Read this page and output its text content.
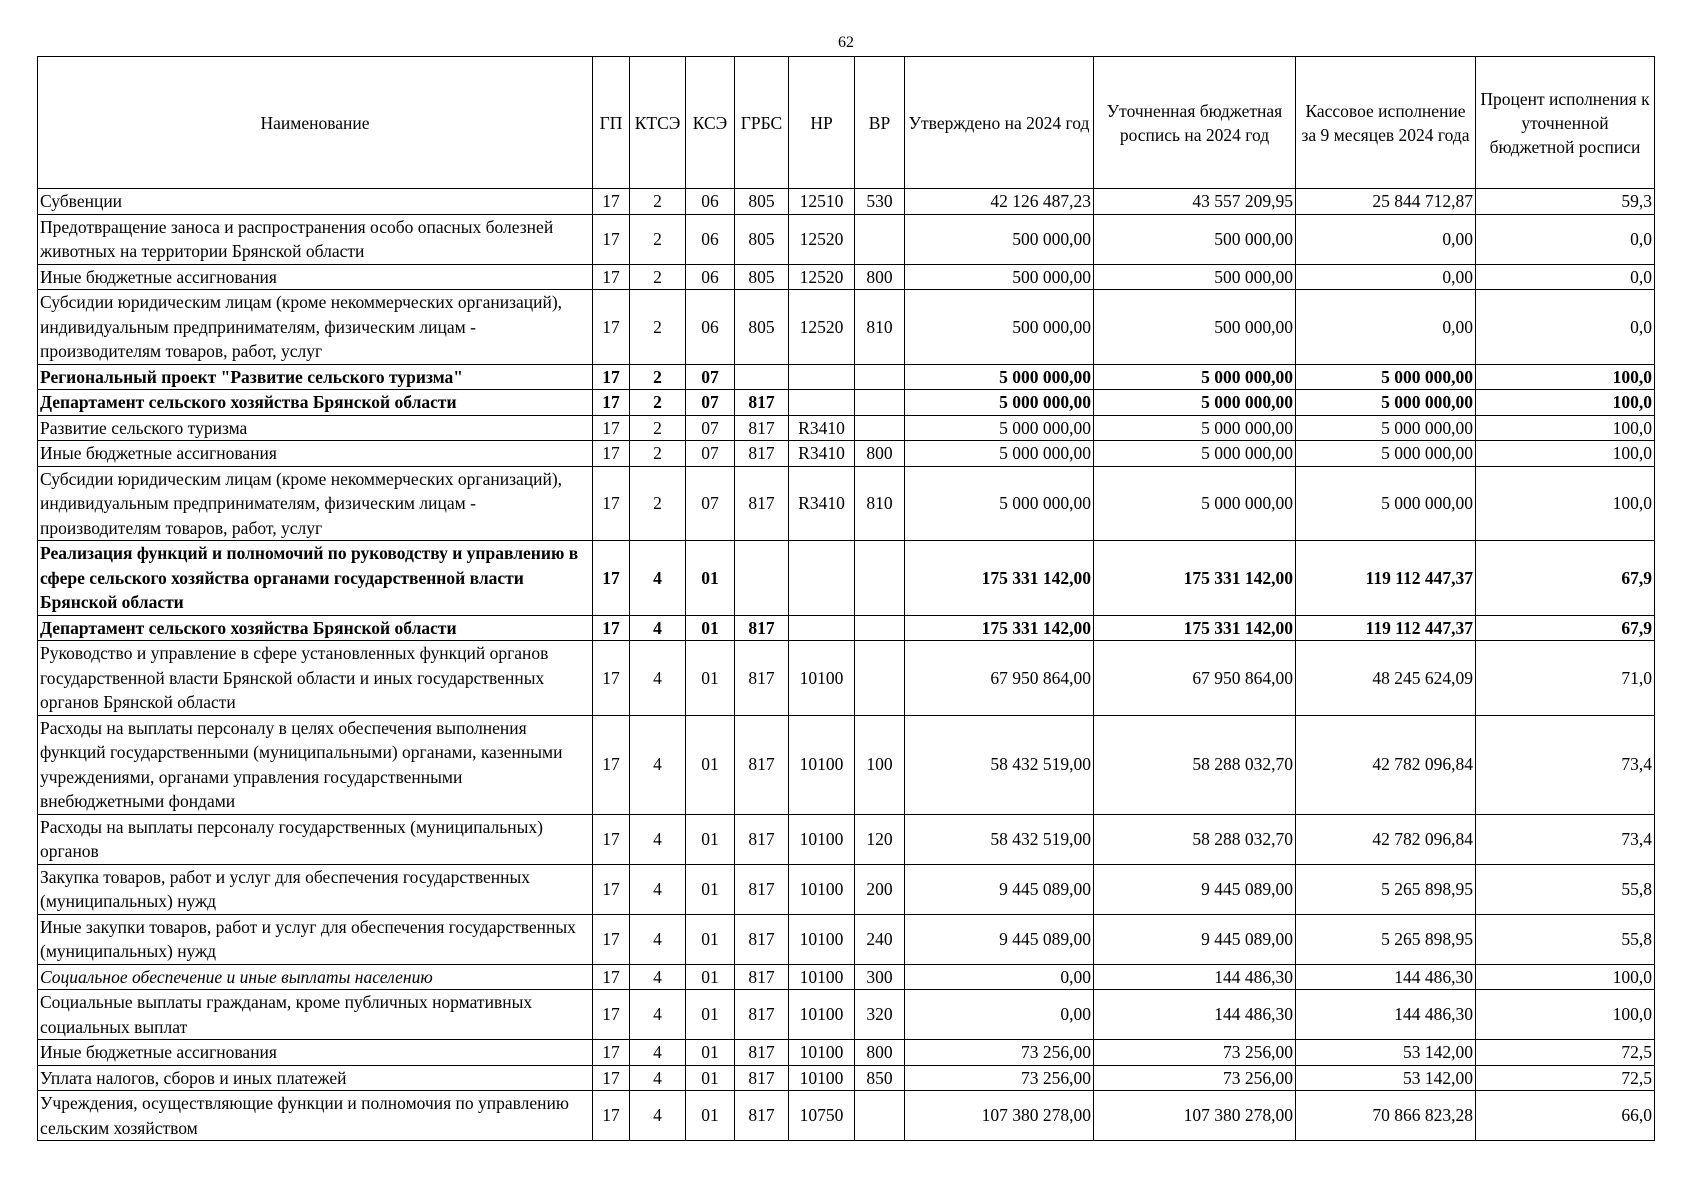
62
Наименование	ГП	КТСЭ	КСЭ	ГРБС	НР	ВР	Утверждено на 2024 год	Уточненная бюджетная роспись на 2024 год	Кассовое исполнение за 9 месяцев 2024 года	Процент исполнения к уточненной бюджетной росписи
Субвенции	17	2	06	805	12510	530	42 126 487,23	43 557 209,95	25 844 712,87	59,3
Предотвращение заноса и распространения особо опасных болезней животных на территории Брянской области	17	2	06	805	12520		500 000,00	500 000,00	0,00	0,0
Иные бюджетные ассигнования	17	2	06	805	12520	800	500 000,00	500 000,00	0,00	0,0
Субсидии юридическим лицам (кроме некоммерческих организаций), индивидуальным предпринимателям, физическим лицам - производителям товаров, работ, услуг	17	2	06	805	12520	810	500 000,00	500 000,00	0,00	0,0
Региональный проект "Развитие сельского туризма"	17	2	07				5 000 000,00	5 000 000,00	5 000 000,00	100,0
Департамент сельского хозяйства Брянской области	17	2	07	817			5 000 000,00	5 000 000,00	5 000 000,00	100,0
Развитие сельского туризма	17	2	07	817	R3410		5 000 000,00	5 000 000,00	5 000 000,00	100,0
Иные бюджетные ассигнования	17	2	07	817	R3410	800	5 000 000,00	5 000 000,00	5 000 000,00	100,0
Субсидии юридическим лицам (кроме некоммерческих организаций), индивидуальным предпринимателям, физическим лицам - производителям товаров, работ, услуг	17	2	07	817	R3410	810	5 000 000,00	5 000 000,00	5 000 000,00	100,0
Реализация функций и полномочий по руководству и управлению в сфере сельского хозяйства органами государственной власти Брянской области	17	4	01				175 331 142,00	175 331 142,00	119 112 447,37	67,9
Департамент сельского хозяйства Брянской области	17	4	01	817			175 331 142,00	175 331 142,00	119 112 447,37	67,9
Руководство и управление в сфере установленных функций органов государственной власти Брянской области и иных государственных органов Брянской области	17	4	01	817	10100		67 950 864,00	67 950 864,00	48 245 624,09	71,0
Расходы на выплаты персоналу в целях обеспечения выполнения функций государственными (муниципальными) органами, казенными учреждениями, органами управления государственными внебюджетными фондами	17	4	01	817	10100	100	58 432 519,00	58 288 032,70	42 782 096,84	73,4
Расходы на выплаты персоналу государственных (муниципальных) органов	17	4	01	817	10100	120	58 432 519,00	58 288 032,70	42 782 096,84	73,4
Закупка товаров, работ и услуг для обеспечения государственных (муниципальных) нужд	17	4	01	817	10100	200	9 445 089,00	9 445 089,00	5 265 898,95	55,8
Иные закупки товаров, работ и услуг для обеспечения государственных (муниципальных) нужд	17	4	01	817	10100	240	9 445 089,00	9 445 089,00	5 265 898,95	55,8
Социальное обеспечение и иные выплаты населению	17	4	01	817	10100	300	0,00	144 486,30	144 486,30	100,0
Социальные выплаты гражданам, кроме публичных нормативных социальных выплат	17	4	01	817	10100	320	0,00	144 486,30	144 486,30	100,0
Иные бюджетные ассигнования	17	4	01	817	10100	800	73 256,00	73 256,00	53 142,00	72,5
Уплата налогов, сборов и иных платежей	17	4	01	817	10100	850	73 256,00	73 256,00	53 142,00	72,5
Учреждения, осуществляющие функции и полномочия по управлению сельским хозяйством	17	4	01	817	10750		107 380 278,00	107 380 278,00	70 866 823,28	66,0
